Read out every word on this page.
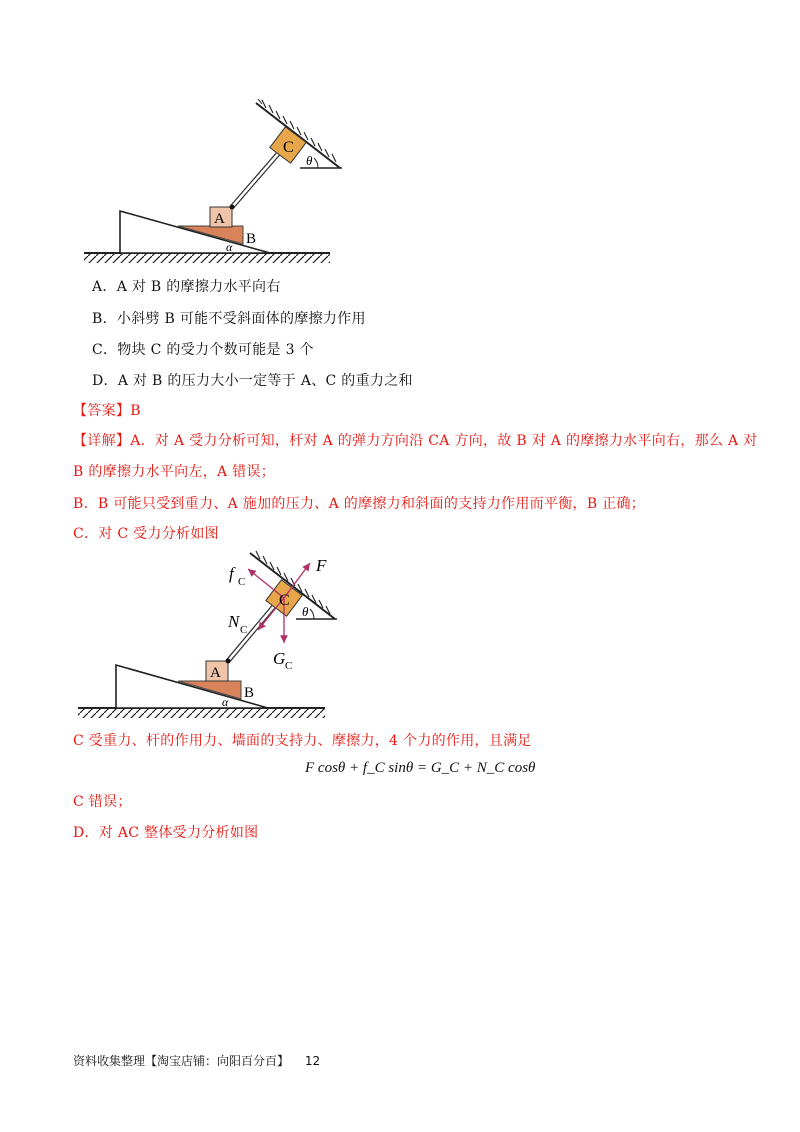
C
A
B
θ
α
A．A 对 B 的摩擦力水平向右
B．小斜劈 B 可能不受斜面体的摩擦力作用
C．物块 C 的受力个数可能是 3 个
D．A 对 B 的压力大小一定等于 A、C 的重力之和
【答案】B
【详解】A．对 A 受力分析可知，杆对 A 的弹力方向沿 CA 方向，故 B 对 A 的摩擦力水平向右，那么 A 对
B 的摩擦力水平向左，A 错误；
B．B 可能只受到重力、A 施加的压力、A 的摩擦力和斜面的支持力作用而平衡，B 正确；
C．对 C 受力分析如图
f C
F
N C
G C
C
A
B
θ
α
C 受重力、杆的作用力、墙面的支持力、摩擦力，4 个力的作用，且满足
F cosθ + f_C sinθ = G_C + N_C cosθ
C 错误；
D．对 AC 整体受力分析如图
资料收集整理【淘宝店铺：向阳百分百】 12
